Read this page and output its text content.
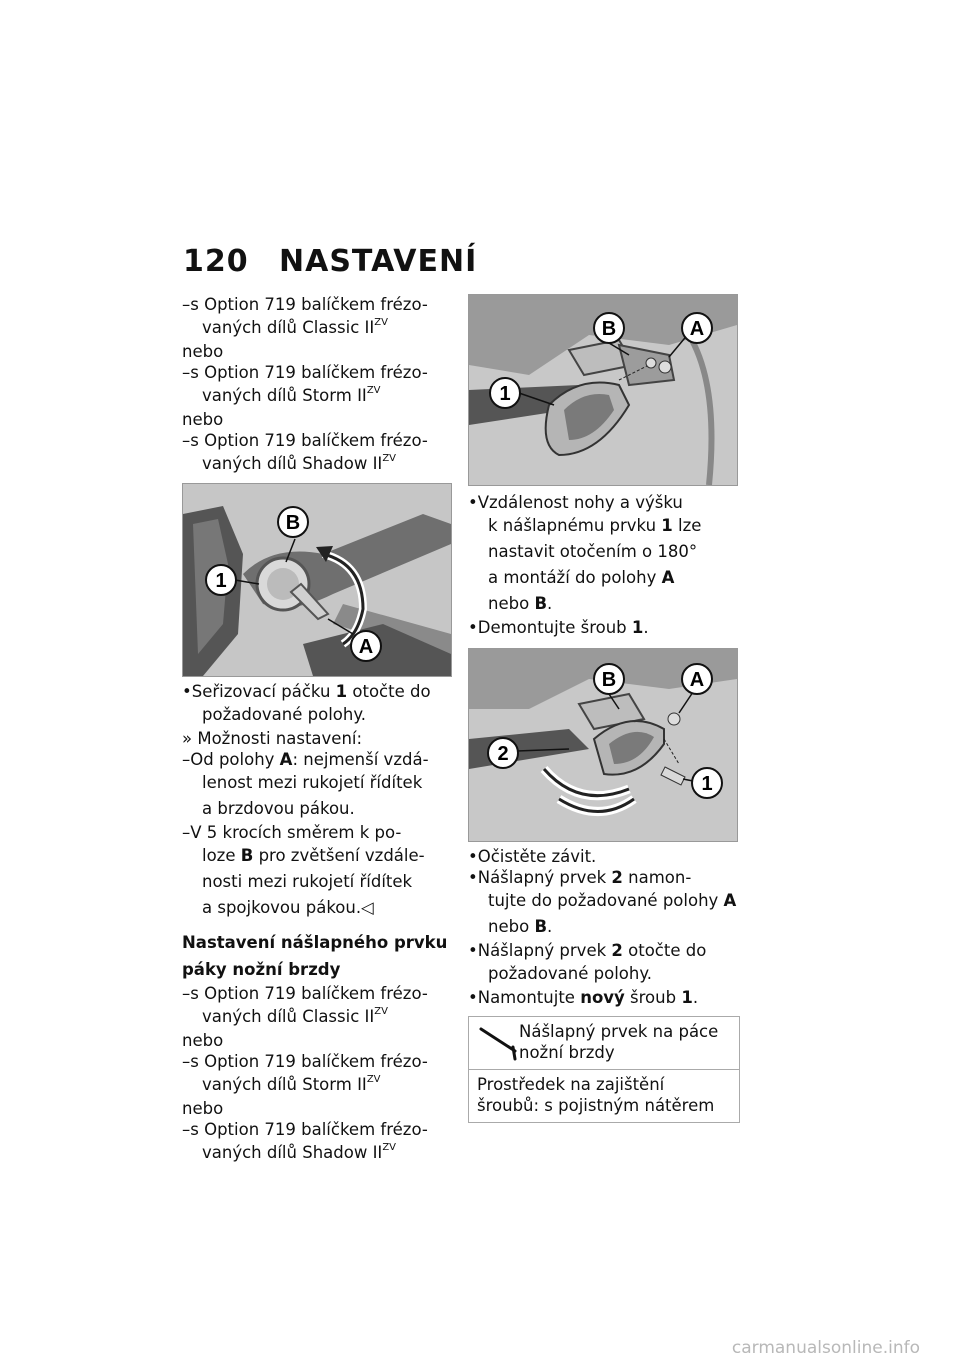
120 NASTAVENÍ

–s Option 719 balíčkem frézo-

vaných dílů Classic $II^{ZV}$

nebo

–s Option 719 balíčkem frézo-

vaných dílů Storm $II^{ZV}$

nebo

–s Option 719 balíčkem frézo-

vaných dílů Shadow $II^{ZV}$

1
B
A

•Seřizovací páčku 1 otočte do

požadované polohy.

» Možnosti nastavení:

–Od polohy A: nejmenší vzdá-

lenost mezi rukojetí řídítek

a brzdovou pákou.

–V 5 krocích směrem k po-

loze B pro zvětšení vzdále-

nosti mezi rukojetí řídítek

a spojkovou pákou.◁

Nastavení nášlapného prvku
páky nožní brzdy

–s Option 719 balíčkem frézo-

vaných dílů Classic $II^{ZV}$

nebo

–s Option 719 balíčkem frézo-

vaných dílů Storm $II^{ZV}$

nebo

–s Option 719 balíčkem frézo-

vaných dílů Shadow $II^{ZV}$

B	A
1

•Vzdálenost nohy a výšku

k nášlapnému prvku 1 lze

nastavit otočením o 180°

a montáží do polohy A

nebo B.

•Demontujte šroub 1.

B	A
2
1

•Očistěte závit.

•Nášlapný prvek 2 namon-

tujte do požadované polohy A

nebo B.

•Nášlapný prvek 2 otočte do

požadované polohy.

•Namontujte nový šroub 1.

Nášlapný prvek na páce
nožní brzdy
Prostředek na zajištění
šroubů: s pojistným nátěrem
carmanualsonline.info
